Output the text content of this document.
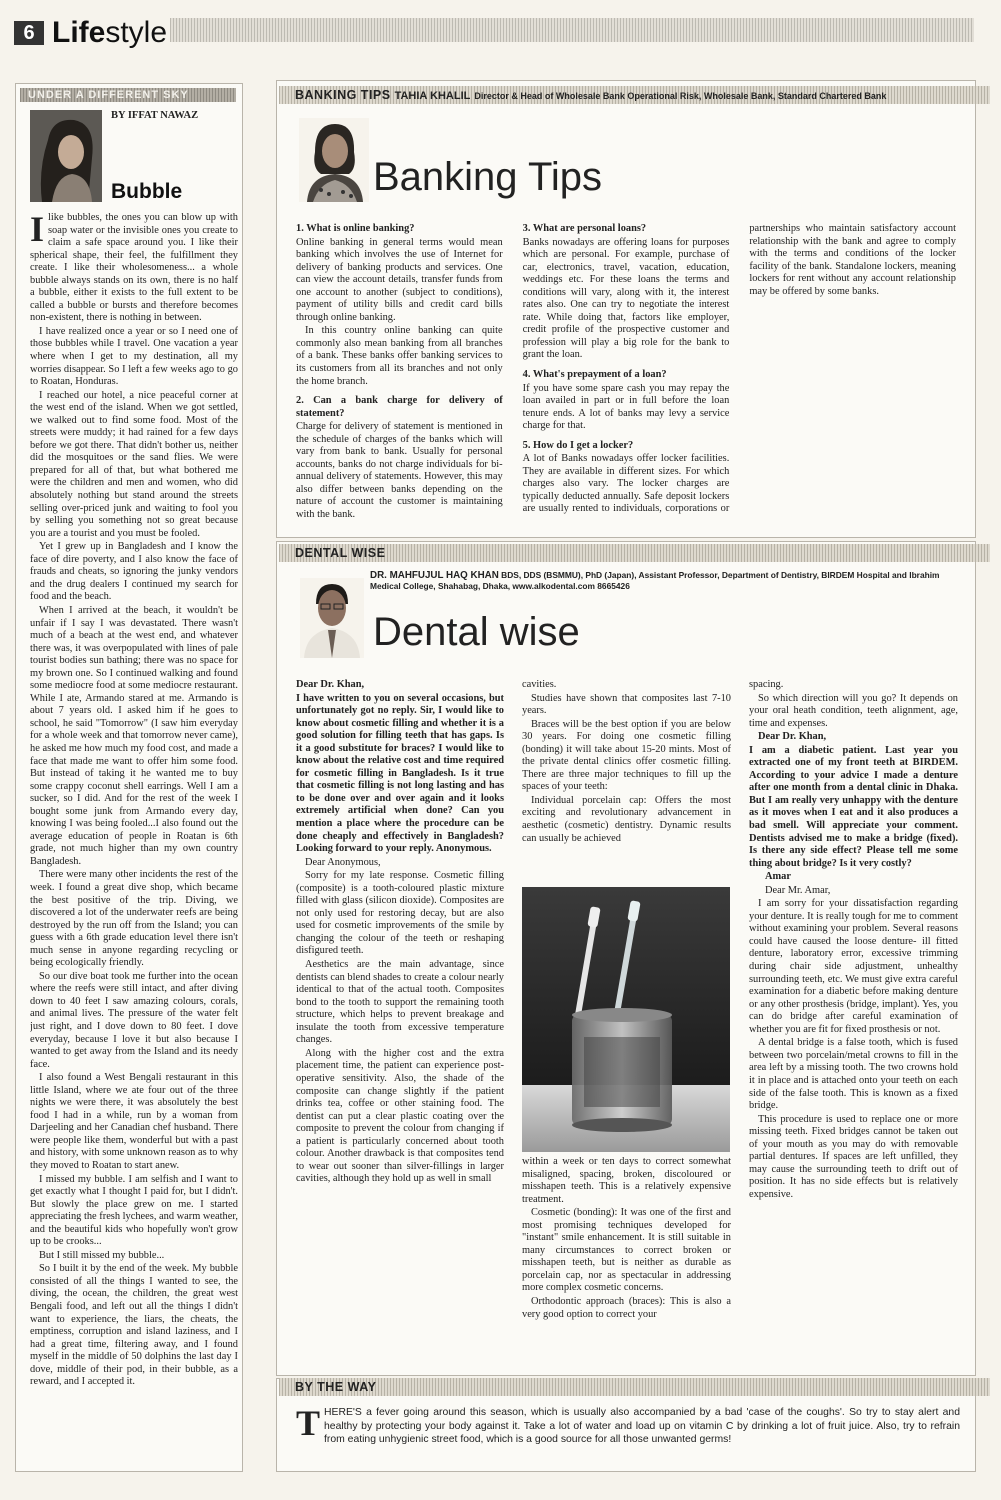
6 Lifestyle
UNDER A DIFFERENT SKY
BY IFFAT NAWAZ
Bubble

Ilike bubbles, the ones you can blow up with soap water or the invisible ones you create to claim a safe space around you. I like their spherical shape, their feel, the fulfillment they create. I like their wholesomeness... a whole bubble always stands on its own, there is no half a bubble, either it exists to the full extent to be called a bubble or bursts and therefore becomes non-existent, there is nothing in between.

I have realized once a year or so I need one of those bubbles while I travel. One vacation a year where when I get to my destination, all my worries disappear. So I left a few weeks ago to go to Roatan, Honduras.

I reached our hotel, a nice peaceful corner at the west end of the island. When we got settled, we walked out to find some food. Most of the streets were muddy; it had rained for a few days before we got there. That didn't bother us, neither did the mosquitoes or the sand flies. We were prepared for all of that, but what bothered me were the children and men and women, who did absolutely nothing but stand around the streets selling over-priced junk and waiting to fool you by selling you something not so great because you are a tourist and you must be fooled.

Yet I grew up in Bangladesh and I know the face of dire poverty, and I also know the face of frauds and cheats, so ignoring the junky vendors and the drug dealers I continued my search for food and the beach.

When I arrived at the beach, it wouldn't be unfair if I say I was devastated. There wasn't much of a beach at the west end, and whatever there was, it was overpopulated with lines of pale tourist bodies sun bathing; there was no space for my brown one. So I continued walking and found some mediocre food at some mediocre restaurant. While I ate, Armando stared at me. Armando is about 7 years old. I asked him if he goes to school, he said "Tomorrow" (I saw him everyday for a whole week and that tomorrow never came), he asked me how much my food cost, and made a face that made me want to offer him some food. But instead of taking it he wanted me to buy some crappy coconut shell earrings. Well I am a sucker, so I did. And for the rest of the week I bought some junk from Armando every day, knowing I was being fooled...I also found out the average education of people in Roatan is 6th grade, not much higher than my own country Bangladesh.

There were many other incidents the rest of the week. I found a great dive shop, which became the best positive of the trip. Diving, we discovered a lot of the underwater reefs are being destroyed by the run off from the Island; you can guess with a 6th grade education level there isn't much sense in anyone regarding recycling or being ecologically friendly.

So our dive boat took me further into the ocean where the reefs were still intact, and after diving down to 40 feet I saw amazing colours, corals, and animal lives. The pressure of the water felt just right, and I dove down to 80 feet. I dove everyday, because I love it but also because I wanted to get away from the Island and its needy face.

I also found a West Bengali restaurant in this little Island, where we ate four out of the three nights we were there, it was absolutely the best food I had in a while, run by a woman from Darjeeling and her Canadian chef husband. There were people like them, wonderful but with a past and history, with some unknown reason as to why they moved to Roatan to start anew.

I missed my bubble. I am selfish and I want to get exactly what I thought I paid for, but I didn't. But slowly the place grew on me. I started appreciating the fresh lychees, and warm weather, and the beautiful kids who hopefully won't grow up to be crooks...

But I still missed my bubble...

So I built it by the end of the week. My bubble consisted of all the things I wanted to see, the diving, the ocean, the children, the great west Bengali food, and left out all the things I didn't want to experience, the liars, the cheats, the emptiness, corruption and island laziness, and I had a great time, filtering away, and I found myself in the middle of 50 dolphins the last day I dove, middle of their pod, in their bubble, as a reward, and I accepted it.

BANKING TIPS TAHIA KHALIL Director & Head of Wholesale Bank Operational Risk, Wholesale Bank, Standard Chartered Bank
Banking Tips

1. What is online banking?

Online banking in general terms would mean banking which involves the use of Internet for delivery of banking products and services. One can view the account details, transfer funds from one account to another (subject to conditions), payment of utility bills and credit card bills through online banking.

In this country online banking can quite commonly also mean banking from all branches of a bank. These banks offer banking services to its customers from all its branches and not only the home branch.

2. Can a bank charge for delivery of statement?

Charge for delivery of statement is mentioned in the schedule of charges of the banks which will vary from bank to bank. Usually for personal accounts, banks do not charge individuals for bi-annual delivery of statements. However, this may also differ between banks depending on the nature of account the customer is maintaining with the bank.

3. What are personal loans?

Banks nowadays are offering loans for purposes which are personal. For example, purchase of car, electronics, travel, vacation, education, weddings etc. For these loans the terms and conditions will vary, along with it, the interest rates also. One can try to negotiate the interest rate. While doing that, factors like employer, credit profile of the prospective customer and profession will play a big role for the bank to grant the loan.

4. What's prepayment of a loan?

If you have some spare cash you may repay the loan availed in part or in full before the loan tenure ends. A lot of banks may levy a service charge for that.

5. How do I get a locker?

A lot of Banks nowadays offer locker facilities. They are available in different sizes. For which charges also vary. The locker charges are typically deducted annually. Safe deposit lockers are usually rented to individuals, corporations or partnerships who maintain satisfactory account relationship with the bank and agree to comply with the terms and conditions of the locker facility of the bank. Standalone lockers, meaning lockers for rent without any account relationship may be offered by some banks.

DENTAL WISE
DR. MAHFUJUL HAQ KHAN BDS, DDS (BSMMU), PhD (Japan), Assistant Professor, Department of Dentistry, BIRDEM Hospital and Ibrahim Medical College, Shahabag, Dhaka, www.alkodental.com 8665426
Dental wise

Dear Dr. Khan,

I have written to you on several occasions, but unfortunately got no reply. Sir, I would like to know about cosmetic filling and whether it is a good solution for filling teeth that has gaps. Is it a good substitute for braces? I would like to know about the relative cost and time required for cosmetic filling in Bangladesh. Is it true that cosmetic filling is not long lasting and has to be done over and over again and it looks extremely artificial when done? Can you mention a place where the procedure can be done cheaply and effectively in Bangladesh? Looking forward to your reply. Anonymous.

Dear Anonymous,

Sorry for my late response. Cosmetic filling (composite) is a tooth-coloured plastic mixture filled with glass (silicon dioxide). Composites are not only used for restoring decay, but are also used for cosmetic improvements of the smile by changing the colour of the teeth or reshaping disfigured teeth.

Aesthetics are the main advantage, since dentists can blend shades to create a colour nearly identical to that of the actual tooth. Composites bond to the tooth to support the remaining tooth structure, which helps to prevent breakage and insulate the tooth from excessive temperature changes.

Along with the higher cost and the extra placement time, the patient can experience post-operative sensitivity. Also, the shade of the composite can change slightly if the patient drinks tea, coffee or other staining food. The dentist can put a clear plastic coating over the composite to prevent the colour from changing if a patient is particularly concerned about tooth colour. Another drawback is that composites tend to wear out sooner than silver-fillings in larger cavities, although they hold up as well in small

cavities.

Studies have shown that composites last 7-10 years.

Braces will be the best option if you are below 30 years. For doing one cosmetic filling (bonding) it will take about 15-20 mints. Most of the private dental clinics offer cosmetic filling. There are three major techniques to fill up the spaces of your teeth:

Individual porcelain cap: Offers the most exciting and revolutionary advancement in aesthetic (cosmetic) dentistry. Dynamic results can usually be achieved

within a week or ten days to correct somewhat misaligned, spacing, broken, discoloured or misshapen teeth. This is a relatively expensive treatment.

Cosmetic (bonding): It was one of the first and most promising techniques developed for "instant" smile enhancement. It is still suitable in many circumstances to correct broken or misshapen teeth, but is neither as durable as porcelain cap, nor as spectacular in addressing more complex cosmetic concerns.

Orthodontic approach (braces): This is also a very good option to correct your

spacing.

So which direction will you go? It depends on your oral heath condition, teeth alignment, age, time and expenses.

Dear Dr. Khan,

I am a diabetic patient. Last year you extracted one of my front teeth at BIRDEM. According to your advice I made a denture after one month from a dental clinic in Dhaka. But I am really very unhappy with the denture as it moves when I eat and it also produces a bad smell. Will appreciate your comment. Dentists advised me to make a bridge (fixed). Is there any side effect? Please tell me some thing about bridge? Is it very costly?

Amar

Dear Mr. Amar,

I am sorry for your dissatisfaction regarding your denture. It is really tough for me to comment without examining your problem. Several reasons could have caused the loose denture- ill fitted denture, laboratory error, excessive trimming during chair side adjustment, unhealthy surrounding teeth, etc. We must give extra careful examination for a diabetic before making denture or any other prosthesis (bridge, implant). Yes, you can do bridge after careful examination of whether you are fit for fixed prosthesis or not.

A dental bridge is a false tooth, which is fused between two porcelain/metal crowns to fill in the area left by a missing tooth. The two crowns hold it in place and is attached onto your teeth on each side of the false tooth. This is known as a fixed bridge.

This procedure is used to replace one or more missing teeth. Fixed bridges cannot be taken out of your mouth as you may do with removable partial dentures. If spaces are left unfilled, they may cause the surrounding teeth to drift out of position. It has no side effects but is relatively expensive.

BY THE WAY
THERE'S a fever going around this season, which is usually also accompanied by a bad 'case of the coughs'. So try to stay alert and healthy by protecting your body against it. Take a lot of water and load up on vitamin C by drinking a lot of fruit juice. Also, try to refrain from eating unhygienic street food, which is a good source for all those unwanted germs!
